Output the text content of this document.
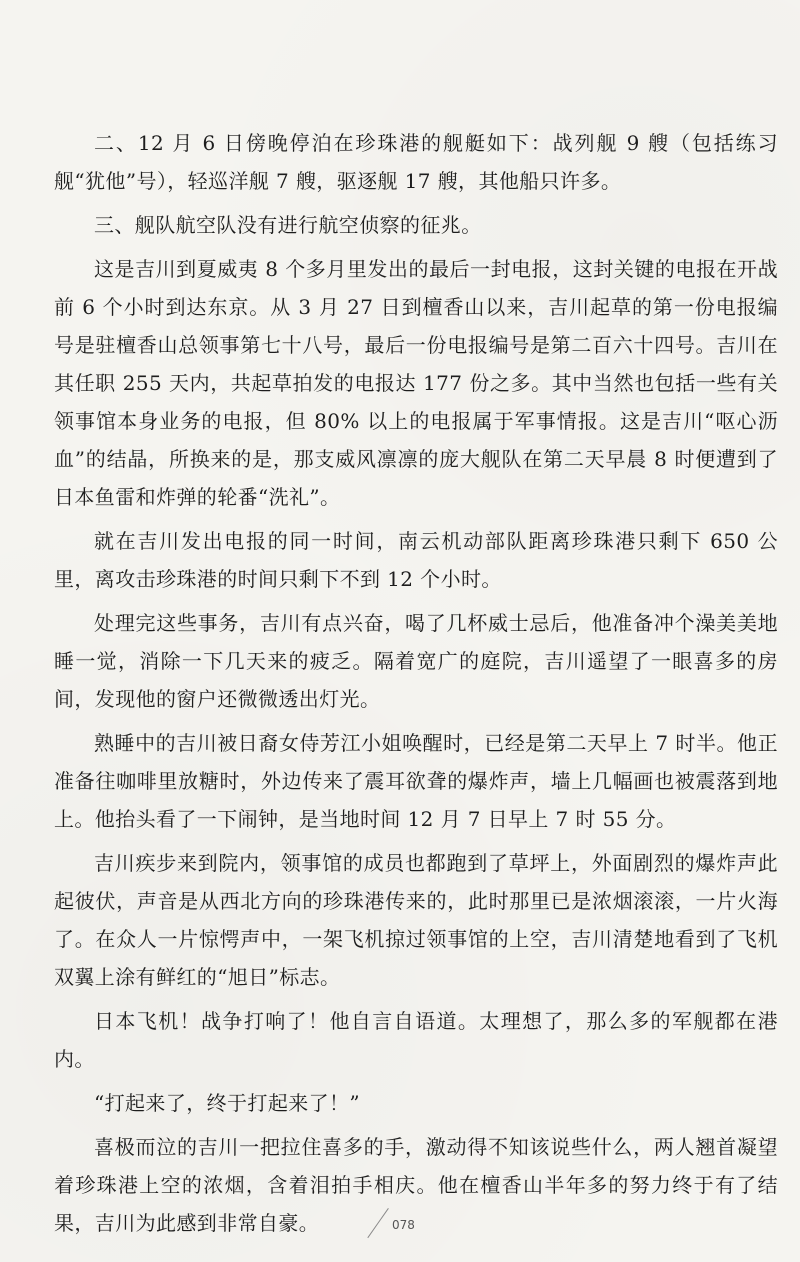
二、12 月 6 日傍晚停泊在珍珠港的舰艇如下：战列舰 9 艘（包括练习舰“犹他”号），轻巡洋舰 7 艘，驱逐舰 17 艘，其他船只许多。

三、舰队航空队没有进行航空侦察的征兆。

这是吉川到夏威夷 8 个多月里发出的最后一封电报，这封关键的电报在开战前 6 个小时到达东京。从 3 月 27 日到檀香山以来，吉川起草的第一份电报编号是驻檀香山总领事第七十八号，最后一份电报编号是第二百六十四号。吉川在其任职 255 天内，共起草拍发的电报达 177 份之多。其中当然也包括一些有关领事馆本身业务的电报，但 80% 以上的电报属于军事情报。这是吉川“呕心沥血”的结晶，所换来的是，那支威风凛凛的庞大舰队在第二天早晨 8 时便遭到了日本鱼雷和炸弹的轮番“洗礼”。

就在吉川发出电报的同一时间，南云机动部队距离珍珠港只剩下 650 公里，离攻击珍珠港的时间只剩下不到 12 个小时。

处理完这些事务，吉川有点兴奋，喝了几杯威士忌后，他准备冲个澡美美地睡一觉，消除一下几天来的疲乏。隔着宽广的庭院，吉川遥望了一眼喜多的房间，发现他的窗户还微微透出灯光。

熟睡中的吉川被日裔女侍芳江小姐唤醒时，已经是第二天早上 7 时半。他正准备往咖啡里放糖时，外边传来了震耳欲聋的爆炸声，墙上几幅画也被震落到地上。他抬头看了一下闹钟，是当地时间 12 月 7 日早上 7 时 55 分。

吉川疾步来到院内，领事馆的成员也都跑到了草坪上，外面剧烈的爆炸声此起彼伏，声音是从西北方向的珍珠港传来的，此时那里已是浓烟滚滚，一片火海了。在众人一片惊愕声中，一架飞机掠过领事馆的上空，吉川清楚地看到了飞机双翼上涂有鲜红的“旭日”标志。

日本飞机！战争打响了！他自言自语道。太理想了，那么多的军舰都在港内。

“打起来了，终于打起来了！”

喜极而泣的吉川一把拉住喜多的手，激动得不知该说些什么，两人翘首凝望着珍珠港上空的浓烟，含着泪拍手相庆。他在檀香山半年多的努力终于有了结果，吉川为此感到非常自豪。	078
